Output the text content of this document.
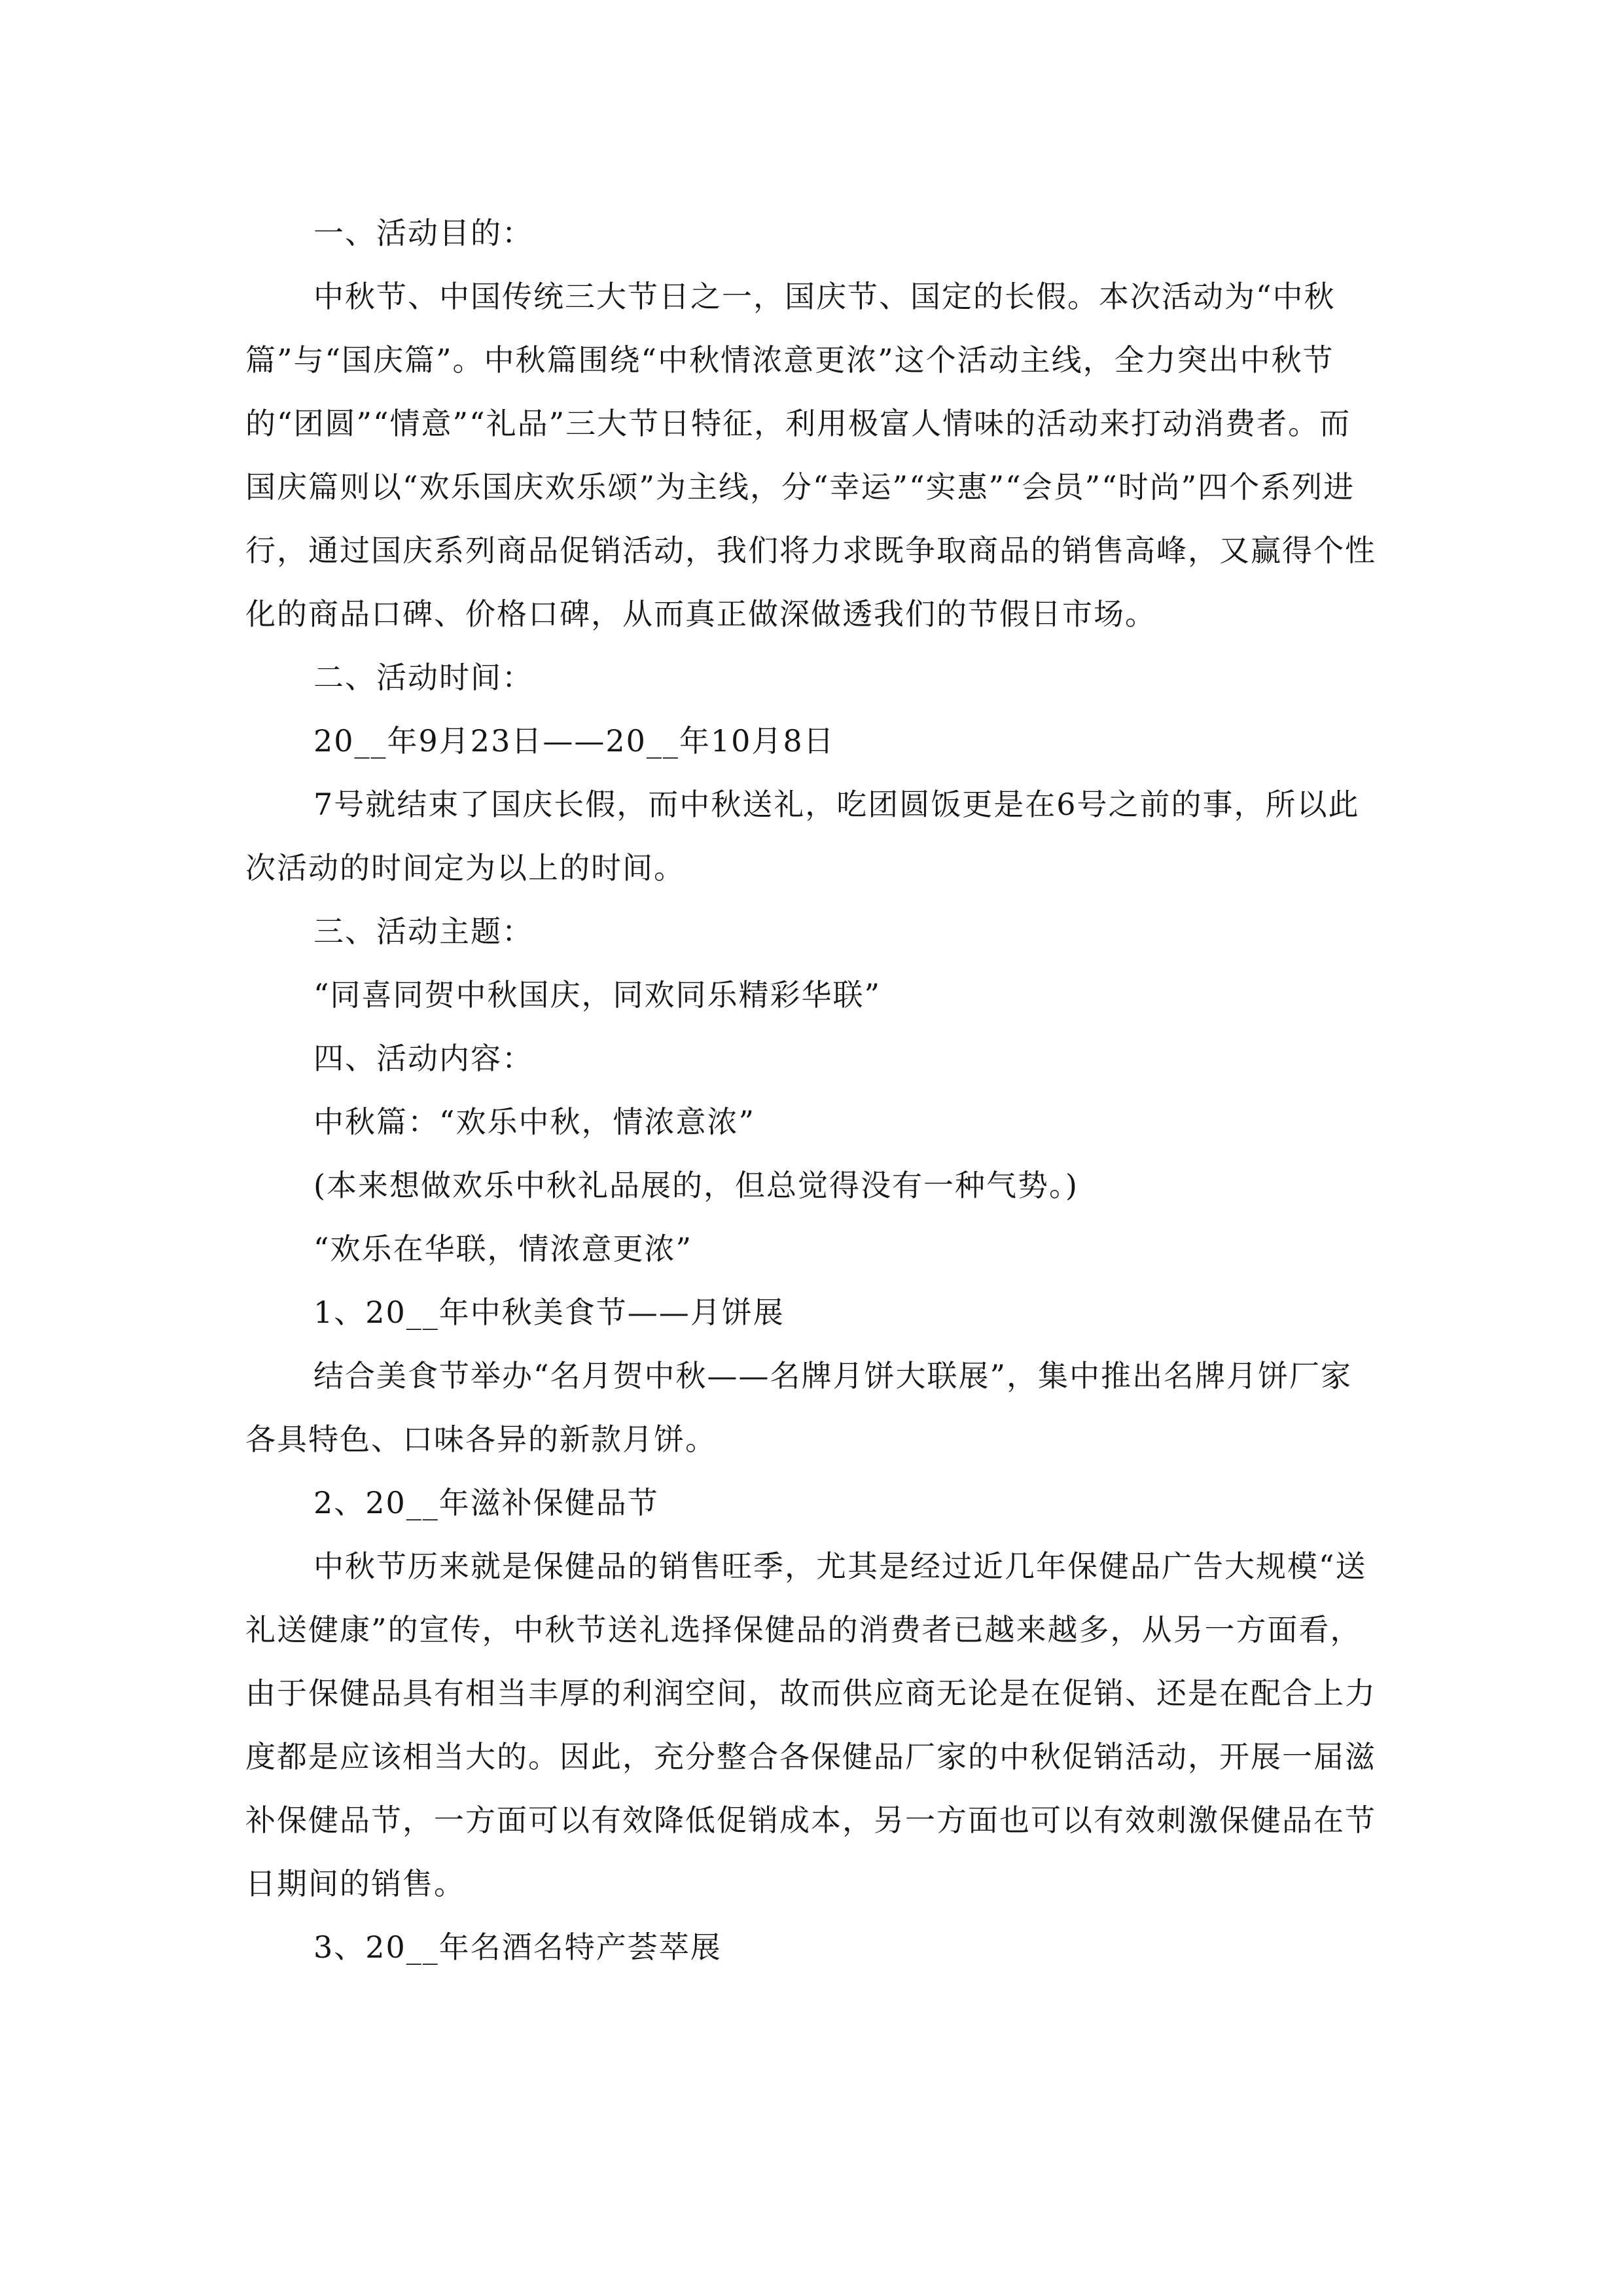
一、活动目的：

中秋节、中国传统三大节日之一，国庆节、国定的长假。本次活动为“中秋篇”与“国庆篇”。中秋篇围绕“中秋情浓意更浓”这个活动主线，全力突出中秋节的“团圆”“情意”“礼品”三大节日特征，利用极富人情味的活动来打动消费者。而国庆篇则以“欢乐国庆欢乐颂”为主线，分“幸运”“实惠”“会员”“时尚”四个系列进行，通过国庆系列商品促销活动，我们将力求既争取商品的销售高峰，又赢得个性化的商品口碑、价格口碑，从而真正做深做透我们的节假日市场。

二、活动时间：

20__年9月23日——20__年10月8日

7号就结束了国庆长假，而中秋送礼，吃团圆饭更是在6号之前的事，所以此次活动的时间定为以上的时间。

三、活动主题：

“同喜同贺中秋国庆，同欢同乐精彩华联”

四、活动内容：

中秋篇：“欢乐中秋，情浓意浓”

(本来想做欢乐中秋礼品展的，但总觉得没有一种气势。)

“欢乐在华联，情浓意更浓”

1、20__年中秋美食节——月饼展

结合美食节举办“名月贺中秋——名牌月饼大联展”，集中推出名牌月饼厂家各具特色、口味各异的新款月饼。

2、20__年滋补保健品节

中秋节历来就是保健品的销售旺季，尤其是经过近几年保健品广告大规模“送礼送健康”的宣传，中秋节送礼选择保健品的消费者已越来越多，从另一方面看，由于保健品具有相当丰厚的利润空间，故而供应商无论是在促销、还是在配合上力度都是应该相当大的。因此，充分整合各保健品厂家的中秋促销活动，开展一届滋补保健品节，一方面可以有效降低促销成本，另一方面也可以有效刺激保健品在节日期间的销售。

3、20__年名酒名特产荟萃展
